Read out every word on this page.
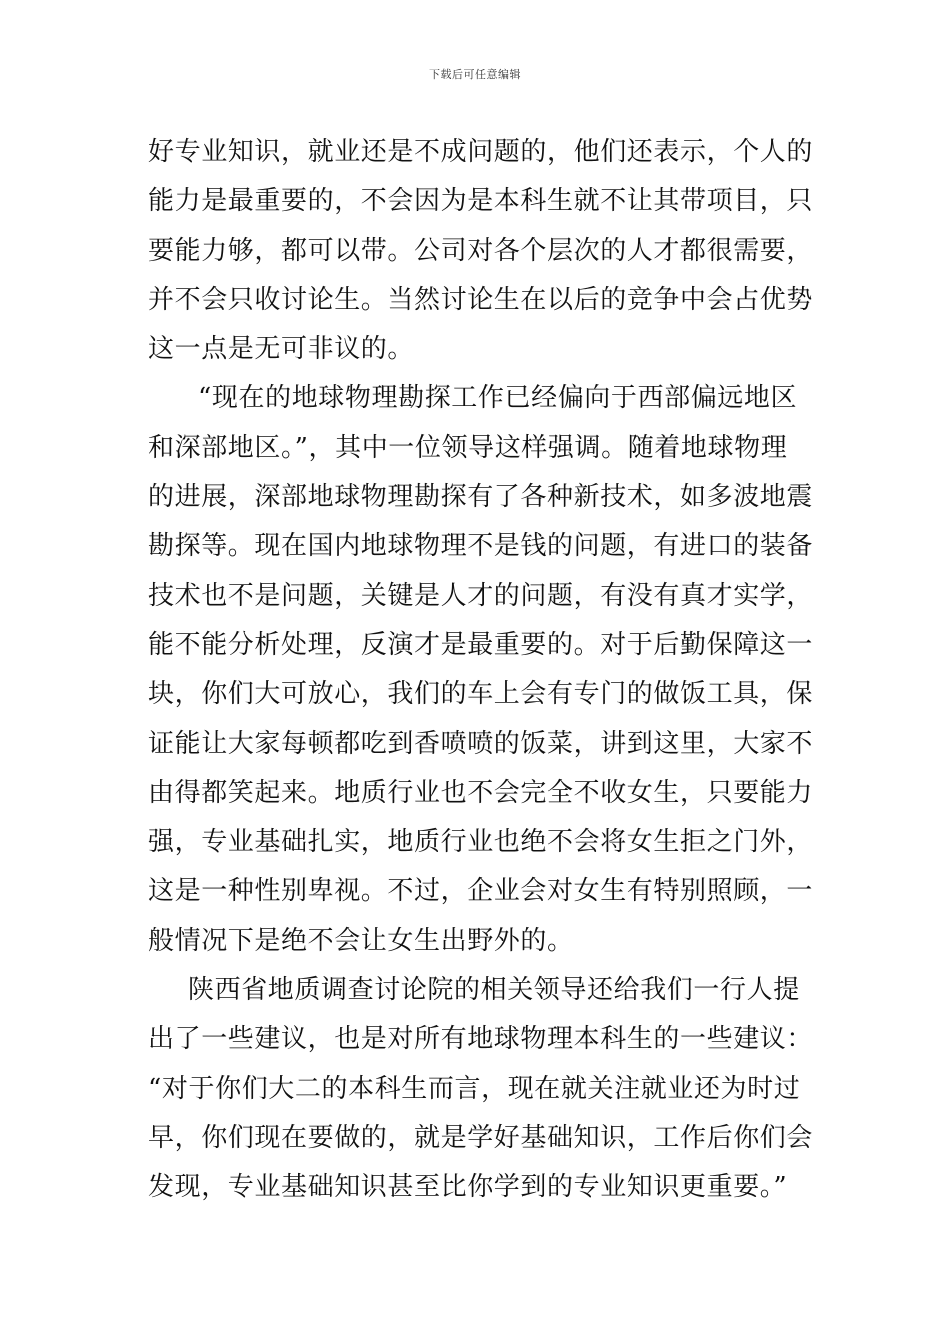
下载后可任意编辑
好专业知识，就业还是不成问题的，他们还表示，个人的
能力是最重要的，不会因为是本科生就不让其带项目，只
要能力够，都可以带。公司对各个层次的人才都很需要，
并不会只收讨论生。当然讨论生在以后的竞争中会占优势
这一点是无可非议的。
“现在的地球物理勘探工作已经偏向于西部偏远地区
和深部地区。”，其中一位领导这样强调。随着地球物理
的进展，深部地球物理勘探有了各种新技术，如多波地震
勘探等。现在国内地球物理不是钱的问题，有进口的装备
技术也不是问题，关键是人才的问题，有没有真才实学，
能不能分析处理，反演才是最重要的。对于后勤保障这一
块，你们大可放心，我们的车上会有专门的做饭工具，保
证能让大家每顿都吃到香喷喷的饭菜，讲到这里，大家不
由得都笑起来。地质行业也不会完全不收女生，只要能力
强，专业基础扎实，地质行业也绝不会将女生拒之门外，
这是一种性别卑视。不过，企业会对女生有特别照顾，一
般情况下是绝不会让女生出野外的。
陕西省地质调查讨论院的相关领导还给我们一行人提
出了一些建议，也是对所有地球物理本科生的一些建议：
“对于你们大二的本科生而言，现在就关注就业还为时过
早，你们现在要做的，就是学好基础知识，工作后你们会
发现，专业基础知识甚至比你学到的专业知识更重要。”
